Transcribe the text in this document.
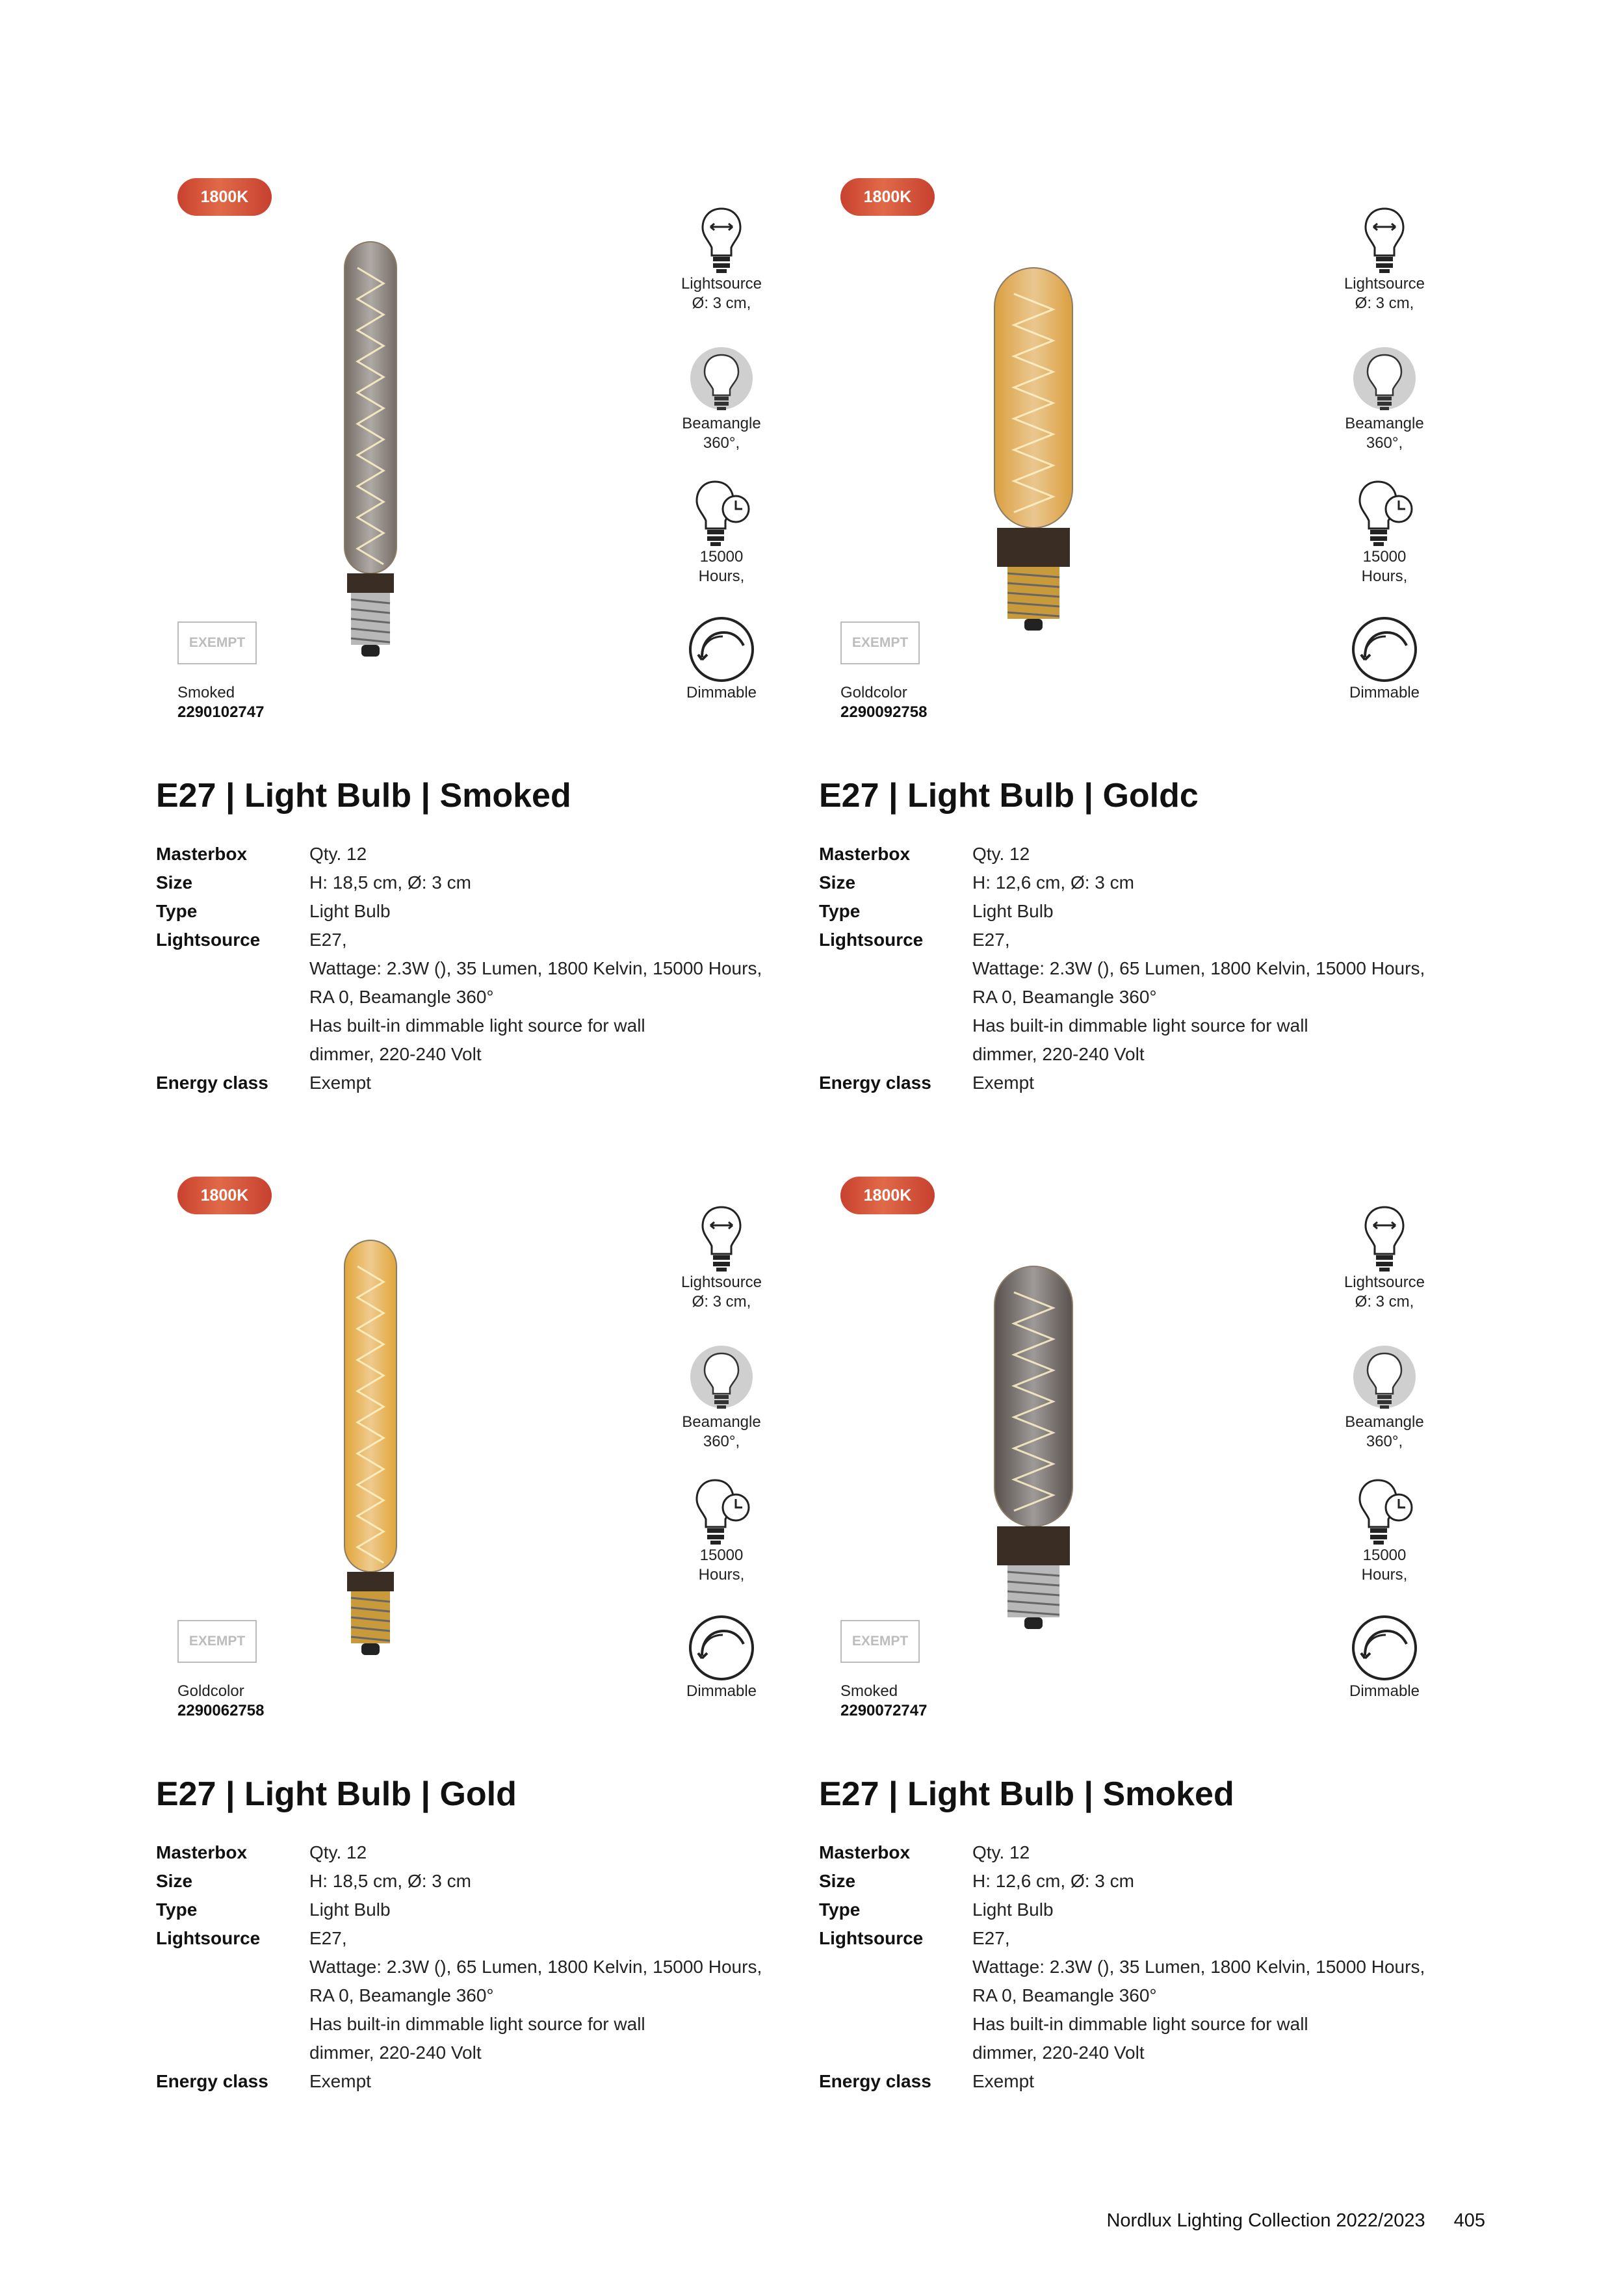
1800K
EXEMPT
Smoked
2290102747
Lightsource
Ø: 3 cm,
Beamangle
360°,
15000
Hours,
Dimmable
E27 | Light Bulb | Smoked
Masterbox	Qty. 12
Size	H: 18,5 cm, Ø: 3 cm
Type	Light Bulb
Lightsource	E27,
Wattage: 2.3W (), 35 Lumen, 1800 Kelvin, 15000 Hours,
RA 0, Beamangle 360°
Has built-in dimmable light source for wall
dimmer, 220-240 Volt
Energy class Exempt
1800K
EXEMPT
Goldcolor
2290092758
Lightsource
Ø: 3 cm,
Beamangle
360°,
15000
Hours,
Dimmable
E27 | Light Bulb | Goldc
Masterbox	Qty. 12
Size	H: 12,6 cm, Ø: 3 cm
Type	Light Bulb
Lightsource	E27,
Wattage: 2.3W (), 65 Lumen, 1800 Kelvin, 15000 Hours,
RA 0, Beamangle 360°
Has built-in dimmable light source for wall
dimmer, 220-240 Volt
Energy class Exempt
1800K
EXEMPT
Goldcolor
2290062758
Lightsource
Ø: 3 cm,
Beamangle
360°,
15000
Hours,
Dimmable
E27 | Light Bulb | Gold
Masterbox	Qty. 12
Size	H: 18,5 cm, Ø: 3 cm
Type	Light Bulb
Lightsource	E27,
Wattage: 2.3W (), 65 Lumen, 1800 Kelvin, 15000 Hours,
RA 0, Beamangle 360°
Has built-in dimmable light source for wall
dimmer, 220-240 Volt
Energy class Exempt
1800K
EXEMPT
Smoked
2290072747
Lightsource
Ø: 3 cm,
Beamangle
360°,
15000
Hours,
Dimmable
E27 | Light Bulb | Smoked
Masterbox	Qty. 12
Size	H: 12,6 cm, Ø: 3 cm
Type	Light Bulb
Lightsource	E27,
Wattage: 2.3W (), 35 Lumen, 1800 Kelvin, 15000 Hours,
RA 0, Beamangle 360°
Has built-in dimmable light source for wall
dimmer, 220-240 Volt
Energy class Exempt
Nordlux Lighting Collection 2022/2023 405
